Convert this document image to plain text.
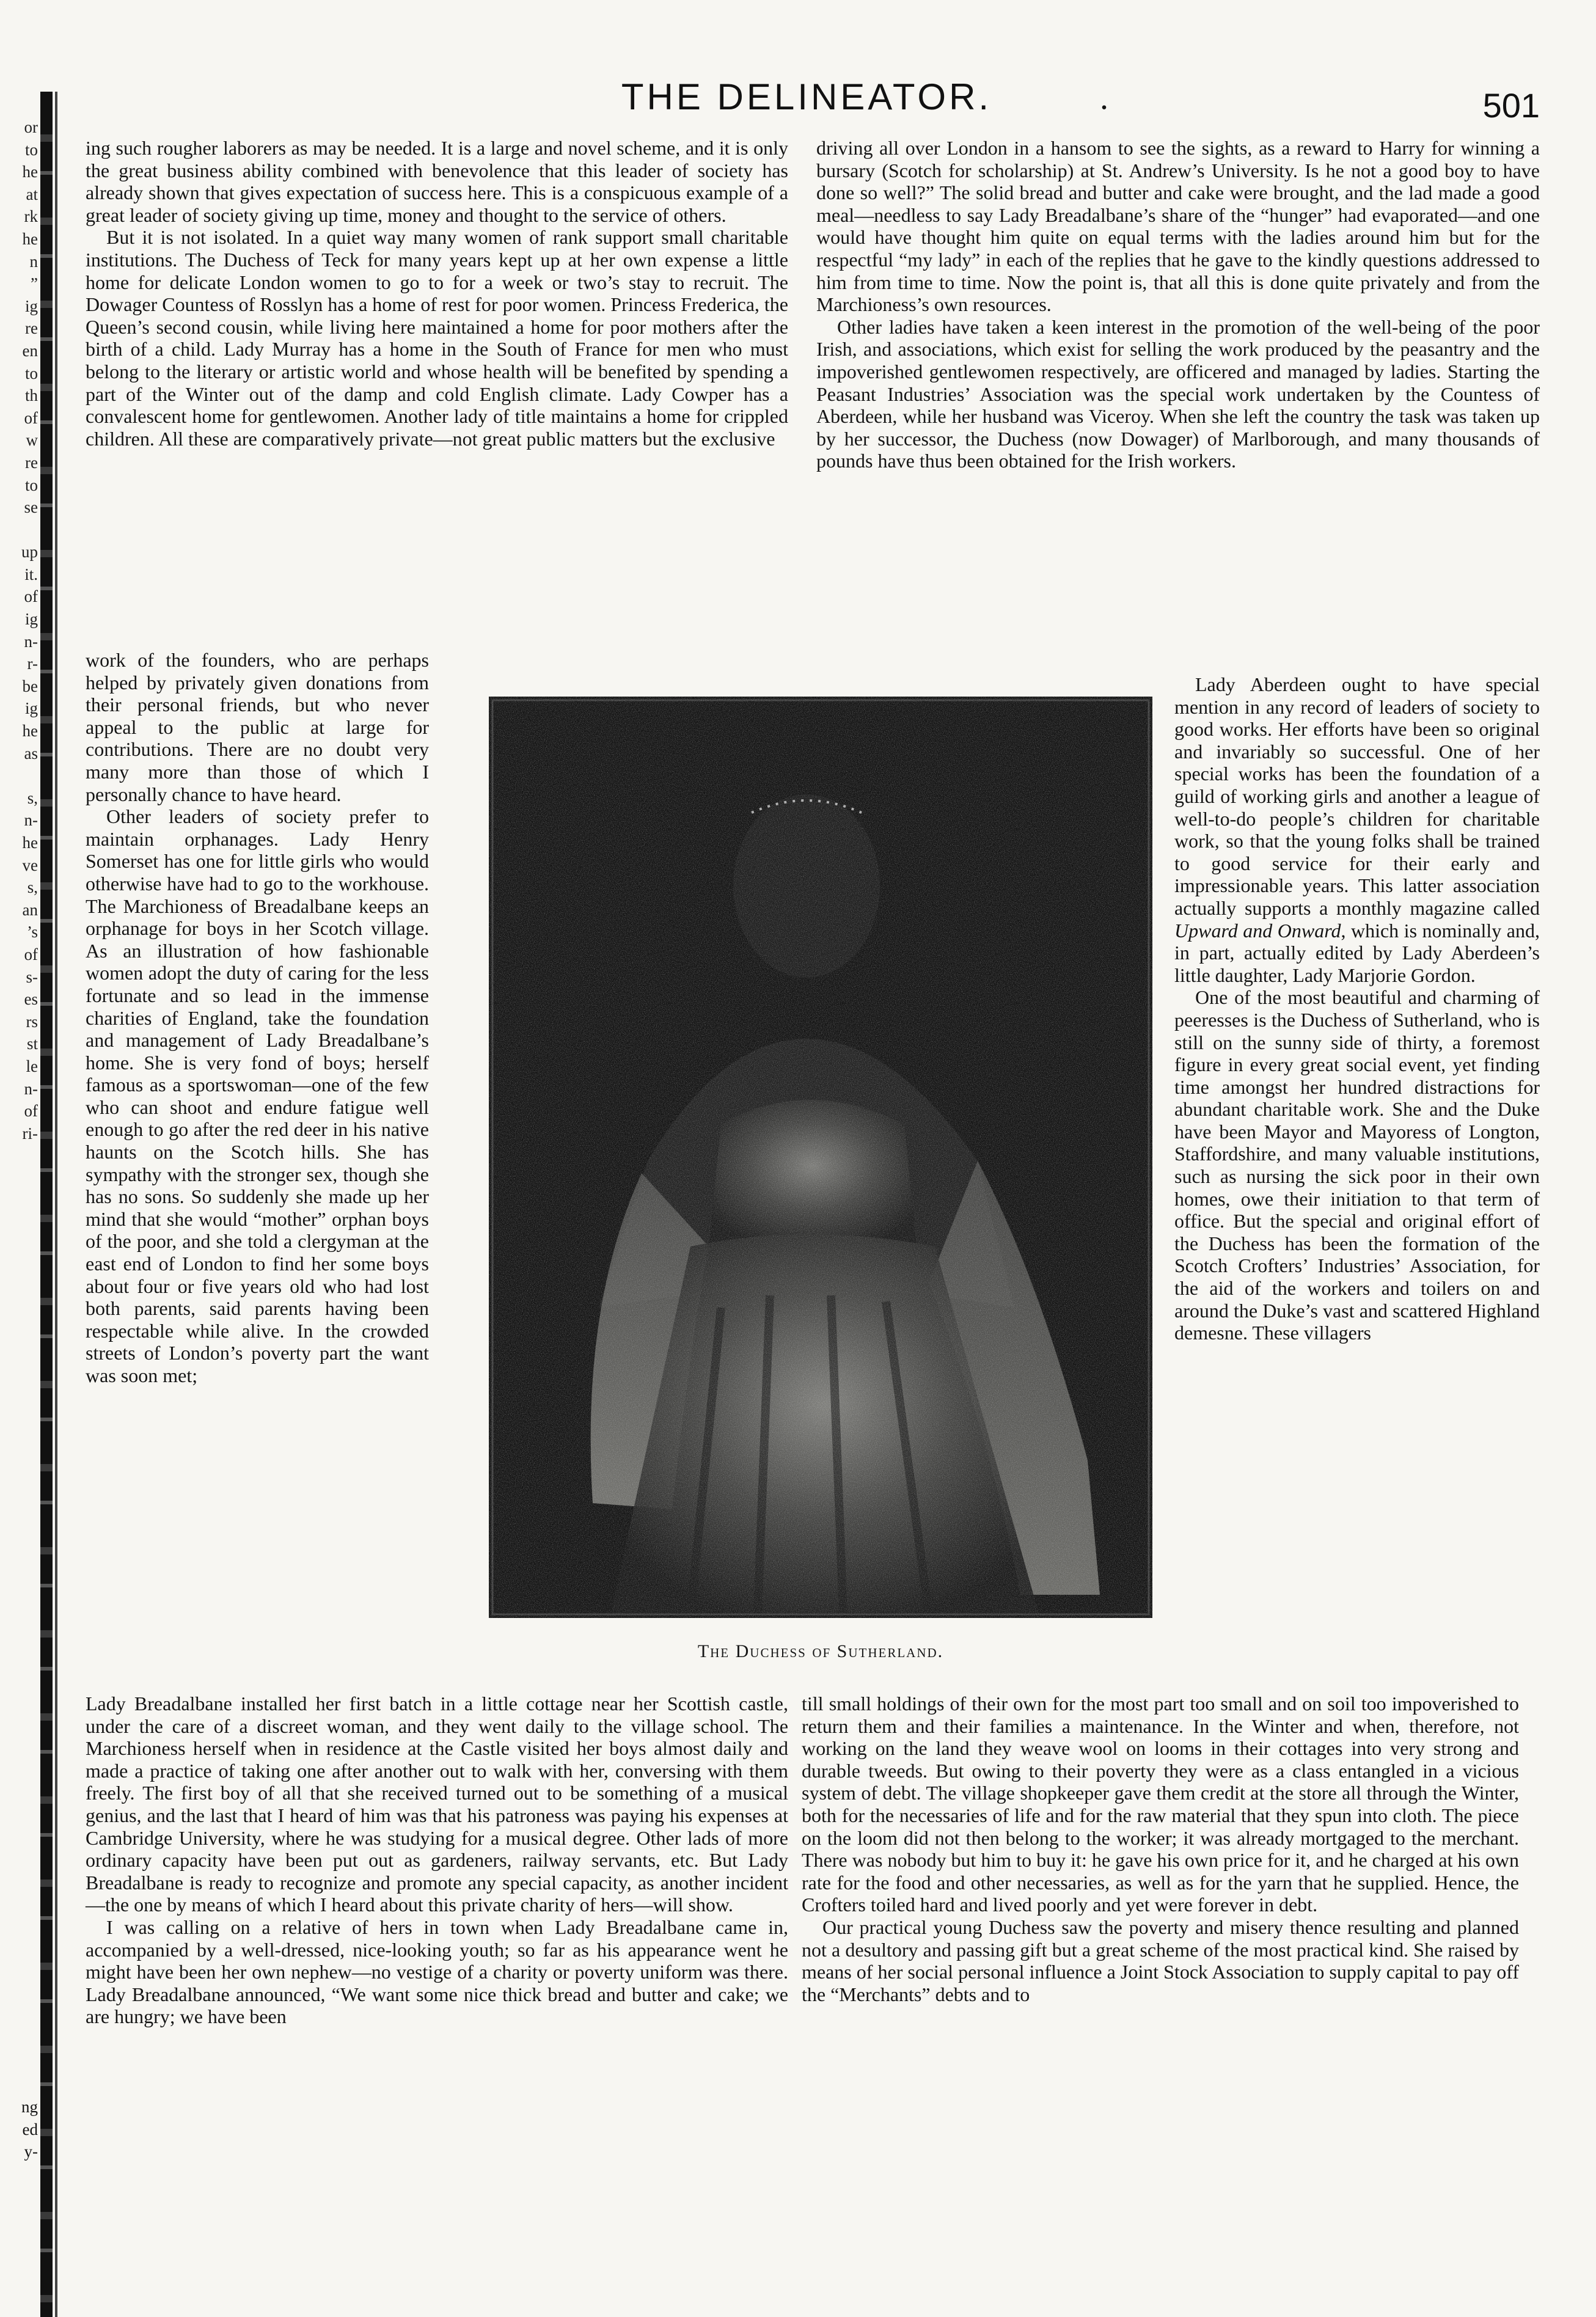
or
to
he
at
rk
he
n
”
ig
re
en
to
th
of
w
re
to
se
up
it.
of
ig
n-
r-
be
ig
he
as
s,
n-
he
ve
s,
an
’s
of
s-
es
rs
st
le
n-
of
ri-
ng
ed
y-
THE DELINEATOR.	.	501

ing such rougher laborers as may be needed. It is a large and novel scheme, and it is only the great business ability combined with benevolence that this leader of society has already shown that gives expectation of success here. This is a conspicuous example of a great leader of society giving up time, money and thought to the service of others.

But it is not isolated. In a quiet way many women of rank support small charitable institutions. The Duchess of Teck for many years kept up at her own expense a little home for delicate London women to go to for a week or two’s stay to recruit. The Dowager Countess of Rosslyn has a home of rest for poor women. Princess Frederica, the Queen’s second cousin, while living here maintained a home for poor mothers after the birth of a child. Lady Murray has a home in the South of France for men who must belong to the literary or artistic world and whose health will be benefited by spending a part of the Winter out of the damp and cold English climate. Lady Cowper has a convalescent home for gentlewomen. Another lady of title maintains a home for crippled children. All these are comparatively private—not great public matters but the exclusive

work of the founders, who are perhaps helped by privately given donations from their personal friends, but who never appeal to the public at large for contributions. There are no doubt very many more than those of which I personally chance to have heard.

Other leaders of society prefer to maintain orphanages. Lady Henry Somerset has one for little girls who would otherwise have had to go to the workhouse. The Marchioness of Breadalbane keeps an orphanage for boys in her Scotch village. As an illustration of how fashionable women adopt the duty of caring for the less fortunate and so lead in the immense charities of England, take the foundation and management of Lady Breadalbane’s home. She is very fond of boys; herself famous as a sportswoman—one of the few who can shoot and endure fatigue well enough to go after the red deer in his native haunts on the Scotch hills. She has sympathy with the stronger sex, though she has no sons. So suddenly she made up her mind that she would “mother” orphan boys of the poor, and she told a clergyman at the east end of London to find her some boys about four or five years old who had lost both parents, said parents having been respectable while alive. In the crowded streets of London’s poverty part the want was soon met;

Lady Breadalbane installed her first batch in a little cottage near her Scottish castle, under the care of a discreet woman, and they went daily to the village school. The Marchioness herself when in residence at the Castle visited her boys almost daily and made a practice of taking one after another out to walk with her, conversing with them freely. The first boy of all that she received turned out to be something of a musical genius, and the last that I heard of him was that his patroness was paying his expenses at Cambridge University, where he was studying for a musical degree. Other lads of more ordinary capacity have been put out as gardeners, railway servants, etc. But Lady Breadalbane is ready to recognize and promote any special capacity, as another incident—the one by means of which I heard about this private charity of hers—will show.

I was calling on a relative of hers in town when Lady Breadalbane came in, accompanied by a well-dressed, nice-looking youth; so far as his appearance went he might have been her own nephew—no vestige of a charity or poverty uniform was there. Lady Breadalbane announced, “We want some nice thick bread and butter and cake; we are hungry; we have been

driving all over London in a hansom to see the sights, as a reward to Harry for winning a bursary (Scotch for scholarship) at St. Andrew’s University. Is he not a good boy to have done so well?” The solid bread and butter and cake were brought, and the lad made a good meal—needless to say Lady Breadalbane’s share of the “hunger” had evaporated—and one would have thought him quite on equal terms with the ladies around him but for the respectful “my lady” in each of the replies that he gave to the kindly questions addressed to him from time to time. Now the point is, that all this is done quite privately and from the Marchioness’s own resources.

Other ladies have taken a keen interest in the promotion of the well-being of the poor Irish, and associations, which exist for selling the work produced by the peasantry and the impoverished gentlewomen respectively, are officered and managed by ladies. Starting the Peasant Industries’ Association was the special work undertaken by the Countess of Aberdeen, while her husband was Viceroy. When she left the country the task was taken up by her successor, the Duchess (now Dowager) of Marlborough, and many thousands of pounds have thus been obtained for the Irish workers.

Lady Aberdeen ought to have special mention in any record of leaders of society to good works. Her efforts have been so original and invariably so successful. One of her special works has been the foundation of a guild of working girls and another a league of well-to-do people’s children for charitable work, so that the young folks shall be trained to good service for their early and impressionable years. This latter association actually supports a monthly magazine called Upward and Onward, which is nominally and, in part, actually edited by Lady Aberdeen’s little daughter, Lady Marjorie Gordon.

One of the most beautiful and charming of peeresses is the Duchess of Sutherland, who is still on the sunny side of thirty, a foremost figure in every great social event, yet finding time amongst her hundred distractions for abundant charitable work. She and the Duke have been Mayor and Mayoress of Longton, Staffordshire, and many valuable institutions, such as nursing the sick poor in their own homes, owe their initiation to that term of office. But the special and original effort of the Duchess has been the formation of the Scotch Crofters’ Industries’ Association, for the aid of the workers and toilers on and around the Duke’s vast and scattered Highland demesne. These villagers

till small holdings of their own for the most part too small and on soil too impoverished to return them and their families a maintenance. In the Winter and when, therefore, not working on the land they weave wool on looms in their cottages into very strong and durable tweeds. But owing to their poverty they were as a class entangled in a vicious system of debt. The village shopkeeper gave them credit at the store all through the Winter, both for the necessaries of life and for the raw material that they spun into cloth. The piece on the loom did not then belong to the worker; it was already mortgaged to the merchant. There was nobody but him to buy it: he gave his own price for it, and he charged at his own rate for the food and other necessaries, as well as for the yarn that he supplied. Hence, the Crofters toiled hard and lived poorly and yet were forever in debt.

Our practical young Duchess saw the poverty and misery thence resulting and planned not a desultory and passing gift but a great scheme of the most practical kind. She raised by means of her social personal influence a Joint Stock Association to supply capital to pay off the “Merchants” debts and to

The Duchess of Sutherland.
